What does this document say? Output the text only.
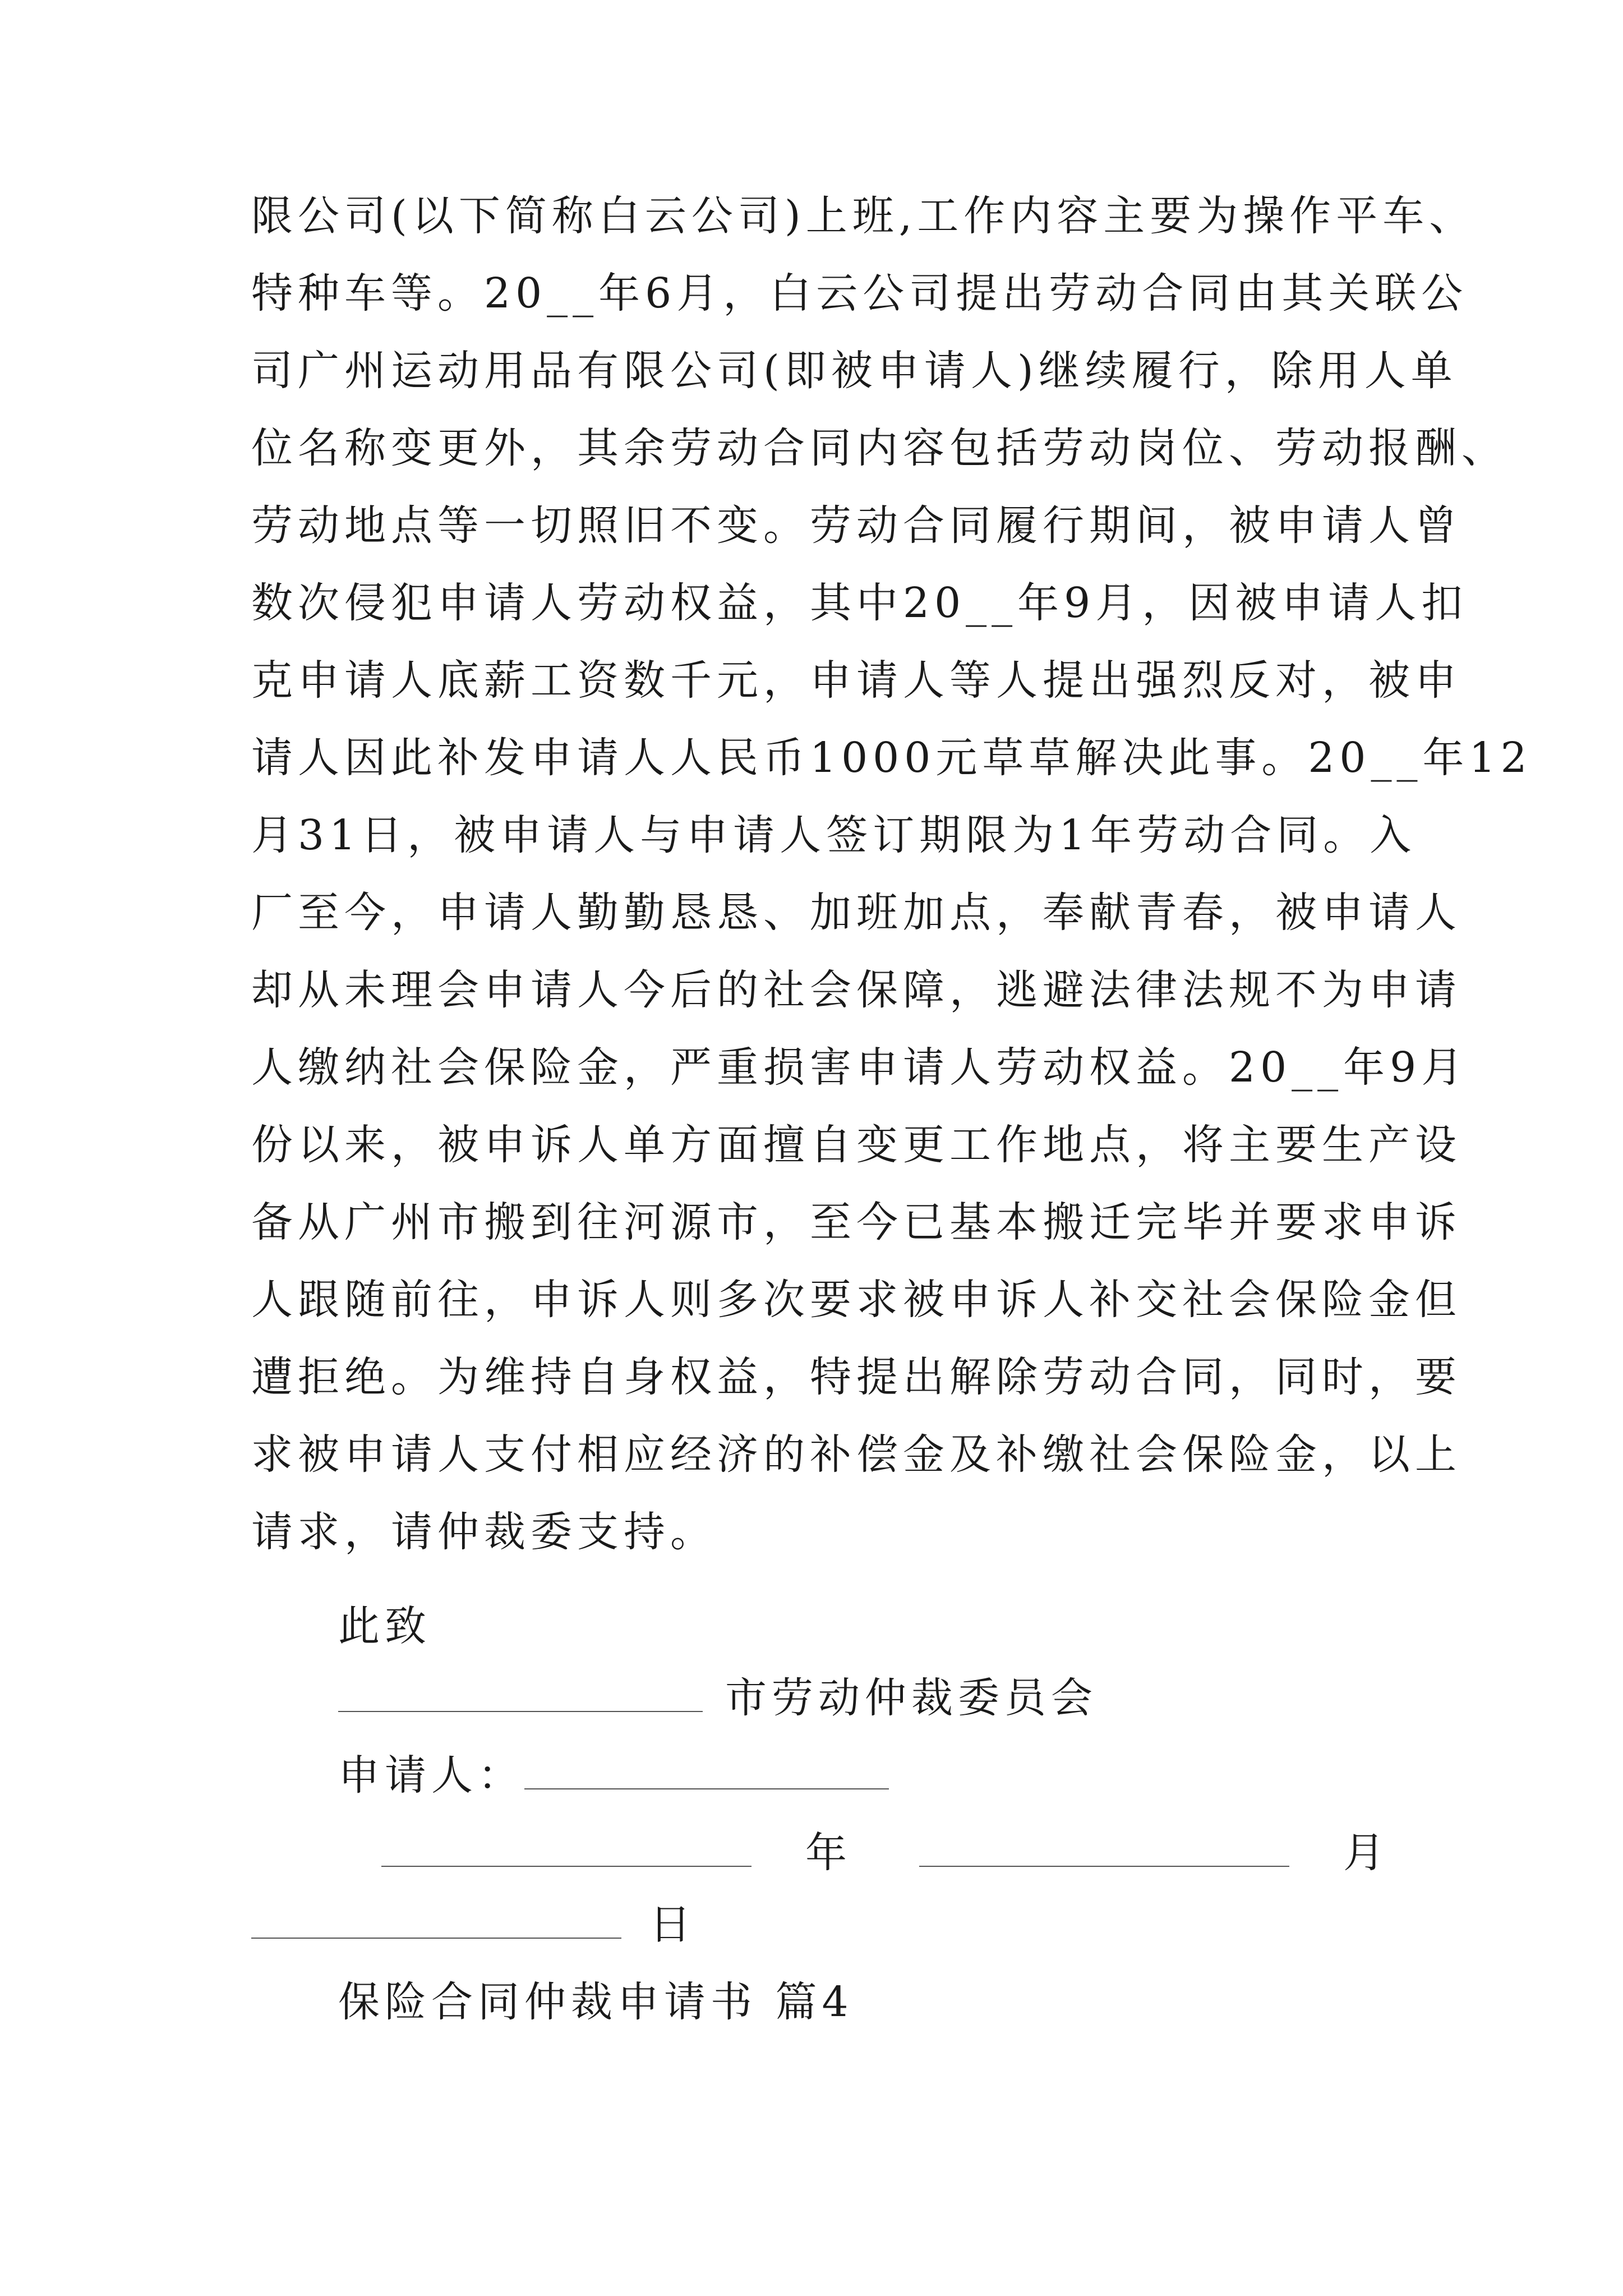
限公司(以下简称白云公司)上班,工作内容主要为操作平车、
特种车等。20__年6月，白云公司提出劳动合同由其关联公
司广州运动用品有限公司(即被申请人)继续履行，除用人单
位名称变更外，其余劳动合同内容包括劳动岗位、劳动报酬、
劳动地点等一切照旧不变。劳动合同履行期间，被申请人曾
数次侵犯申请人劳动权益，其中20__年9月，因被申请人扣
克申请人底薪工资数千元，申请人等人提出强烈反对，被申
请人因此补发申请人人民币1000元草草解决此事。20__年12
月31日，被申请人与申请人签订期限为1年劳动合同。入
厂至今，申请人勤勤恳恳、加班加点，奉献青春，被申请人
却从未理会申请人今后的社会保障，逃避法律法规不为申请
人缴纳社会保险金，严重损害申请人劳动权益。20__年9月
份以来，被申诉人单方面擅自变更工作地点，将主要生产设
备从广州市搬到往河源市，至今已基本搬迁完毕并要求申诉
人跟随前往，申诉人则多次要求被申诉人补交社会保险金但
遭拒绝。为维持自身权益，特提出解除劳动合同，同时，要
求被申请人支付相应经济的补偿金及补缴社会保险金，以上
请求，请仲裁委支持。
此致
市劳动仲裁委员会
申请人：
年	月
日
保险合同仲裁申请书 篇4
